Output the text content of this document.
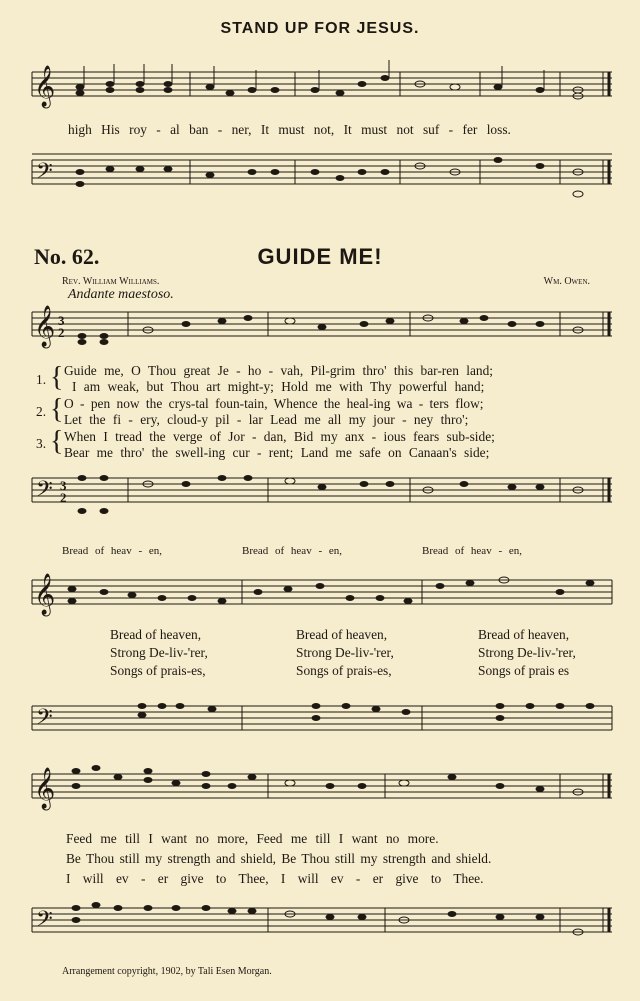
STAND UP FOR JESUS.
𝄞
high His roy - al ban - ner, It must not, It must not suf - fer loss.
𝄢
No. 62.	GUIDE ME!
Rev. William Williams.	Wm. Owen.
Andante maestoso.
𝄞 3
2
1.
2.
3.
{
{
{
Guide me, O Thou great Je - ho - vah, Pil-grim thro' this bar-ren land;
I am weak, but Thou art might-y; Hold me with Thy powerful hand;
O - pen now the crys-tal foun-tain, Whence the heal-ing wa - ters flow;
Let the fi - ery, cloud-y pil - lar Lead me all my jour - ney thro';
When I tread the verge of Jor - dan, Bid my anx - ious fears sub-side;
Bear me thro' the swell-ing cur - rent; Land me safe on Canaan's side;
𝄢 3
2
Bread of heav - en,	Bread of heav - en,	Bread of heav - en,
𝄞
Bread of heaven,	Bread of heaven,	Bread of heaven,
Strong De-liv-'rer,	Strong De-liv-'rer,	Strong De-liv-'rer,
Songs of prais-es,	Songs of prais-es,	Songs of prais es
𝄢
𝄞
Feed me till I want no more, Feed me till I want no more.
Be Thou still my strength and shield, Be Thou still my strength and shield.
I will ev - er give to Thee, I will ev - er give to Thee.
𝄢
Arrangement copyright, 1902, by Tali Esen Morgan.
